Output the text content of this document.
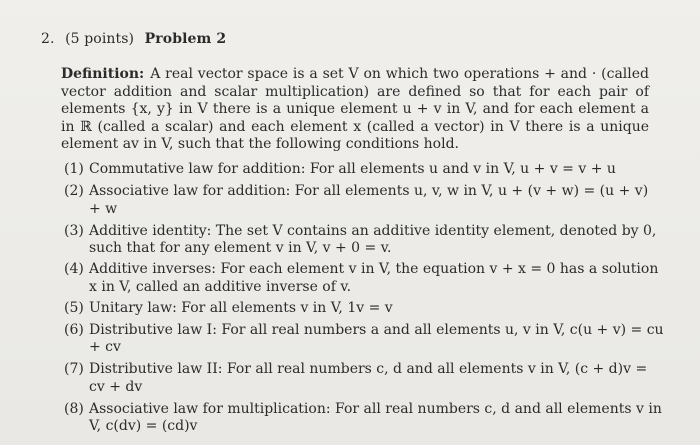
2. (5 points) Problem 2
Definition: A real vector space is a set V on which two operations + and · (called vector addition and scalar multiplication) are defined so that for each pair of elements {x, y} in V there is a unique element u + v in V, and for each element a in ℝ (called a scalar) and each element x (called a vector) in V there is a unique element av in V, such that the following conditions hold.
(1) Commutative law for addition: For all elements u and v in V, u + v = v + u
(2) Associative law for addition: For all elements u, v, w in V, u + (v + w) = (u + v) + w
(3) Additive identity: The set V contains an additive identity element, denoted by 0, such that for any element v in V, v + 0 = v.
(4) Additive inverses: For each element v in V, the equation v + x = 0 has a solution x in V, called an additive inverse of v.
(5) Unitary law: For all elements v in V, 1v = v
(6) Distributive law I: For all real numbers a and all elements u, v in V, c(u + v) = cu + cv
(7) Distributive law II: For all real numbers c, d and all elements v in V, (c + d)v = cv + dv
(8) Associative law for multiplication: For all real numbers c, d and all elements v in V, c(dv) = (cd)v
